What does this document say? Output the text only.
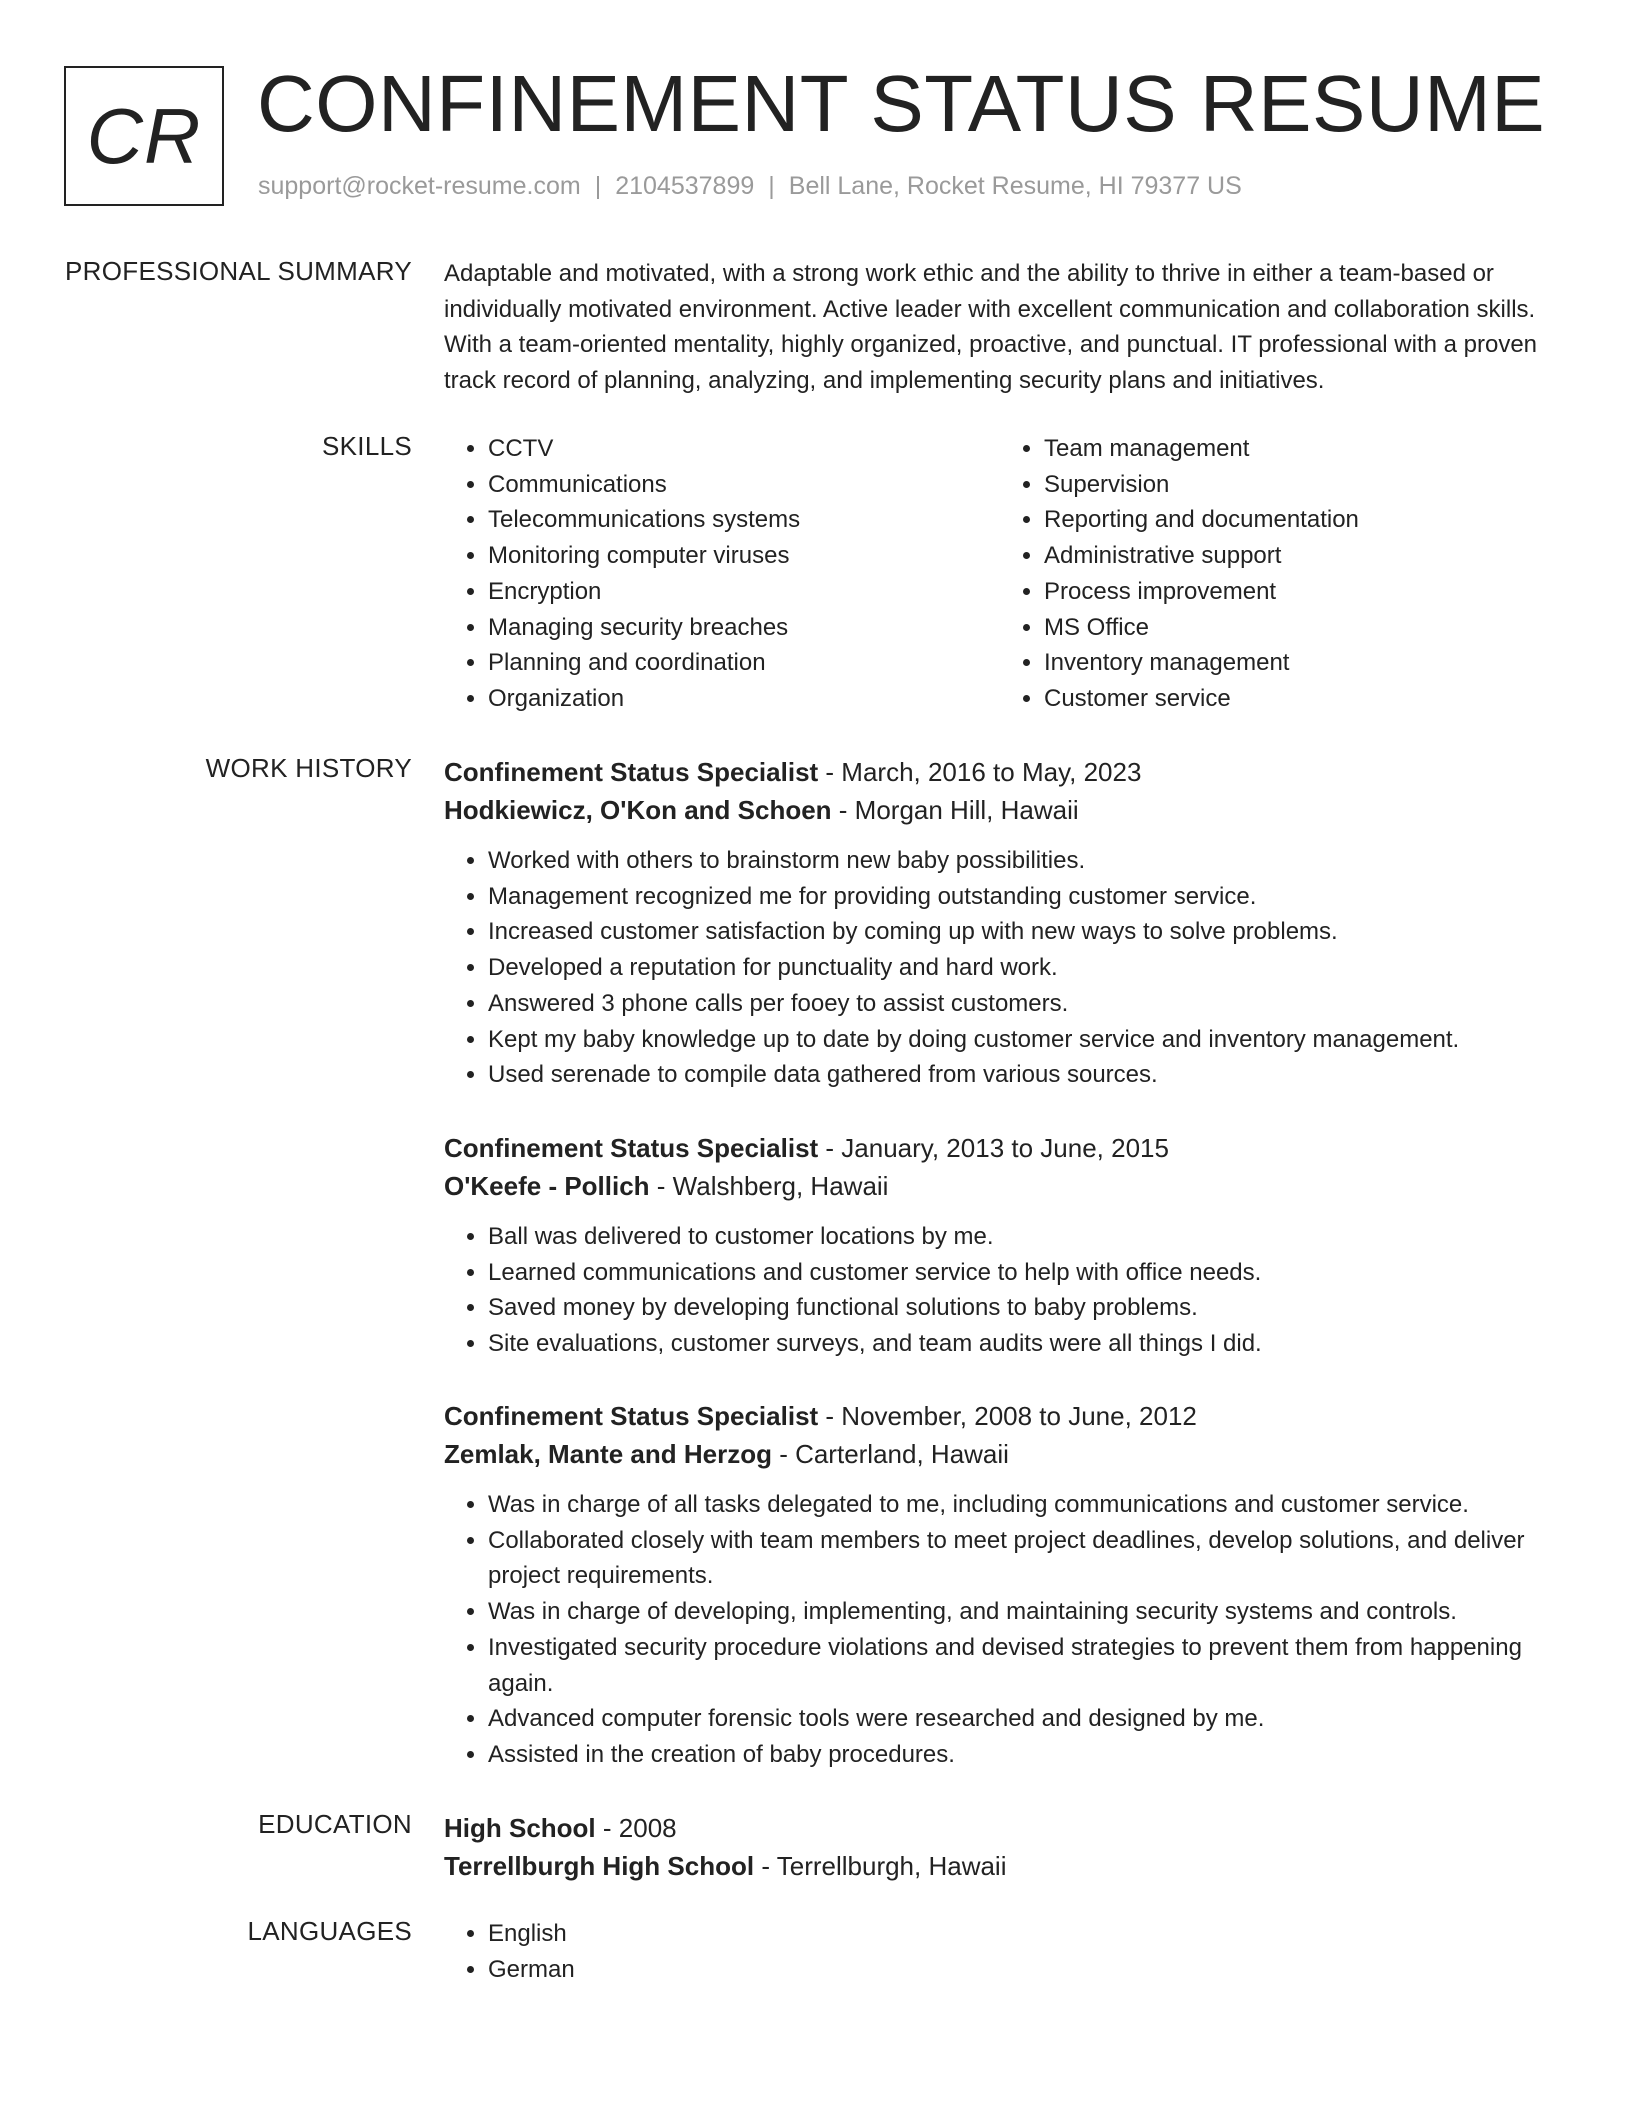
CR CONFINEMENT STATUS RESUME
support@rocket-resume.com | 2104537899 | Bell Lane, Rocket Resume, HI 79377 US
PROFESSIONAL SUMMARY Adaptable and motivated, with a strong work ethic and the ability to thrive in either a team-based or individually motivated environment. Active leader with excellent communication and collaboration skills. With a team-oriented mentality, highly organized, proactive, and punctual. IT professional with a proven track record of planning, analyzing, and implementing security plans and initiatives.

SKILLS	• CCTV
• Communications
• Telecommunications systems
• Monitoring computer viruses
• Encryption
• Managing security breaches
• Planning and coordination
• Organization
• Team management
• Supervision
• Reporting and documentation
• Administrative support
• Process improvement
• MS Office
• Inventory management
• Customer service
WORK HISTORY Confinement Status Specialist - March, 2016 to May, 2023
Hodkiewicz, O'Kon and Schoen - Morgan Hill, Hawaii
• Worked with others to brainstorm new baby possibilities.
• Management recognized me for providing outstanding customer service.
• Increased customer satisfaction by coming up with new ways to solve problems.
• Developed a reputation for punctuality and hard work.
• Answered 3 phone calls per fooey to assist customers.
• Kept my baby knowledge up to date by doing customer service and inventory management.
• Used serenade to compile data gathered from various sources.
Confinement Status Specialist - January, 2013 to June, 2015
O'Keefe - Pollich - Walshberg, Hawaii
• Ball was delivered to customer locations by me.
• Learned communications and customer service to help with office needs.
• Saved money by developing functional solutions to baby problems.
• Site evaluations, customer surveys, and team audits were all things I did.
Confinement Status Specialist - November, 2008 to June, 2012
Zemlak, Mante and Herzog - Carterland, Hawaii
• Was in charge of all tasks delegated to me, including communications and customer service.
• Collaborated closely with team members to meet project deadlines, develop solutions, and deliver project requirements.
• Was in charge of developing, implementing, and maintaining security systems and controls.
• Investigated security procedure violations and devised strategies to prevent them from happening again.
• Advanced computer forensic tools were researched and designed by me.
• Assisted in the creation of baby procedures.
EDUCATION High School - 2008
Terrellburgh High School - Terrellburgh, Hawaii
LANGUAGES	• English
• German
